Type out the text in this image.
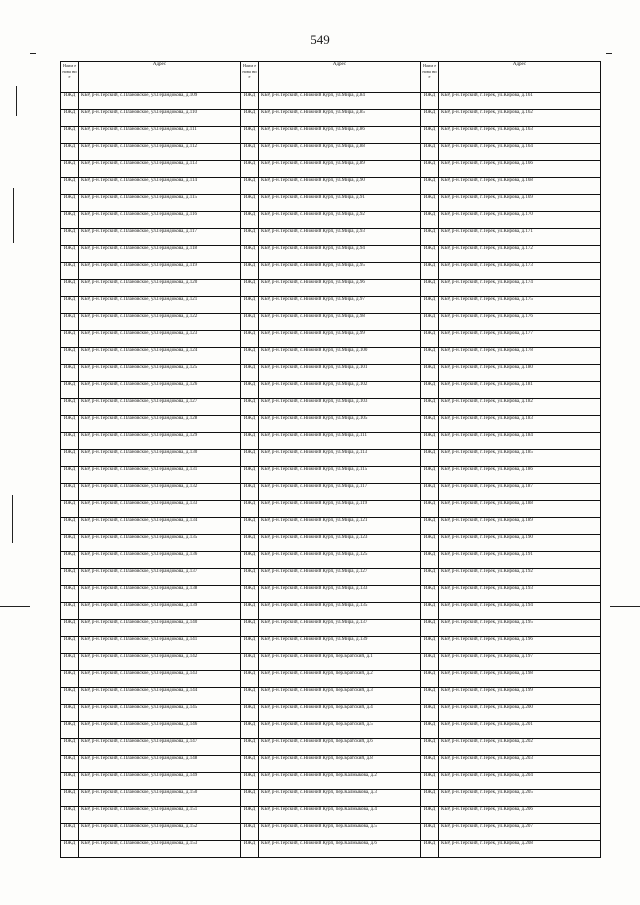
549
Наим енова ние	Адрес	Наим енова ние	Адрес	Наим енова ние	Адрес
ИЖД	КБР, р-н.Терский, с.Плановское, ул.Герандокова, д.109	ИЖД	КБР, р-н.Терский, с.Нижний Курп, ул.Мира, д.84	ИЖД	КБР, р-н.Терский, г.Терек, ул.Кирова, д.161
ИЖД	КБР, р-н.Терский, с.Плановское, ул.Герандокова, д.110	ИЖД	КБР, р-н.Терский, с.Нижний Курп, ул.Мира, д.85	ИЖД	КБР, р-н.Терский, г.Терек, ул.Кирова, д.162
ИЖД	КБР, р-н.Терский, с.Плановское, ул.Герандокова, д.111	ИЖД	КБР, р-н.Терский, с.Нижний Курп, ул.Мира, д.86	ИЖД	КБР, р-н.Терский, г.Терек, ул.Кирова, д.163
ИЖД	КБР, р-н.Терский, с.Плановское, ул.Герандокова, д.112	ИЖД	КБР, р-н.Терский, с.Нижний Курп, ул.Мира, д.88	ИЖД	КБР, р-н.Терский, г.Терек, ул.Кирова, д.164
ИЖД	КБР, р-н.Терский, с.Плановское, ул.Герандокова, д.113	ИЖД	КБР, р-н.Терский, с.Нижний Курп, ул.Мира, д.89	ИЖД	КБР, р-н.Терский, г.Терек, ул.Кирова, д.166
ИЖД	КБР, р-н.Терский, с.Плановское, ул.Герандокова, д.114	ИЖД	КБР, р-н.Терский, с.Нижний Курп, ул.Мира, д.90	ИЖД	КБР, р-н.Терский, г.Терек, ул.Кирова, д.168
ИЖД	КБР, р-н.Терский, с.Плановское, ул.Герандокова, д.115	ИЖД	КБР, р-н.Терский, с.Нижний Курп, ул.Мира, д.91	ИЖД	КБР, р-н.Терский, г.Терек, ул.Кирова, д.169
ИЖД	КБР, р-н.Терский, с.Плановское, ул.Герандокова, д.116	ИЖД	КБР, р-н.Терский, с.Нижний Курп, ул.Мира, д.92	ИЖД	КБР, р-н.Терский, г.Терек, ул.Кирова, д.170
ИЖД	КБР, р-н.Терский, с.Плановское, ул.Герандокова, д.117	ИЖД	КБР, р-н.Терский, с.Нижний Курп, ул.Мира, д.93	ИЖД	КБР, р-н.Терский, г.Терек, ул.Кирова, д.171
ИЖД	КБР, р-н.Терский, с.Плановское, ул.Герандокова, д.118	ИЖД	КБР, р-н.Терский, с.Нижний Курп, ул.Мира, д.94	ИЖД	КБР, р-н.Терский, г.Терек, ул.Кирова, д.172
ИЖД	КБР, р-н.Терский, с.Плановское, ул.Герандокова, д.119	ИЖД	КБР, р-н.Терский, с.Нижний Курп, ул.Мира, д.95	ИЖД	КБР, р-н.Терский, г.Терек, ул.Кирова, д.173
ИЖД	КБР, р-н.Терский, с.Плановское, ул.Герандокова, д.120	ИЖД	КБР, р-н.Терский, с.Нижний Курп, ул.Мира, д.96	ИЖД	КБР, р-н.Терский, г.Терек, ул.Кирова, д.174
ИЖД	КБР, р-н.Терский, с.Плановское, ул.Герандокова, д.121	ИЖД	КБР, р-н.Терский, с.Нижний Курп, ул.Мира, д.97	ИЖД	КБР, р-н.Терский, г.Терек, ул.Кирова, д.175
ИЖД	КБР, р-н.Терский, с.Плановское, ул.Герандокова, д.122	ИЖД	КБР, р-н.Терский, с.Нижний Курп, ул.Мира, д.98	ИЖД	КБР, р-н.Терский, г.Терек, ул.Кирова, д.176
ИЖД	КБР, р-н.Терский, с.Плановское, ул.Герандокова, д.123	ИЖД	КБР, р-н.Терский, с.Нижний Курп, ул.Мира, д.99	ИЖД	КБР, р-н.Терский, г.Терек, ул.Кирова, д.177
ИЖД	КБР, р-н.Терский, с.Плановское, ул.Герандокова, д.124	ИЖД	КБР, р-н.Терский, с.Нижний Курп, ул.Мира, д.100	ИЖД	КБР, р-н.Терский, г.Терек, ул.Кирова, д.178
ИЖД	КБР, р-н.Терский, с.Плановское, ул.Герандокова, д.125	ИЖД	КБР, р-н.Терский, с.Нижний Курп, ул.Мира, д.101	ИЖД	КБР, р-н.Терский, г.Терек, ул.Кирова, д.180
ИЖД	КБР, р-н.Терский, с.Плановское, ул.Герандокова, д.126	ИЖД	КБР, р-н.Терский, с.Нижний Курп, ул.Мира, д.102	ИЖД	КБР, р-н.Терский, г.Терек, ул.Кирова, д.181
ИЖД	КБР, р-н.Терский, с.Плановское, ул.Герандокова, д.127	ИЖД	КБР, р-н.Терский, с.Нижний Курп, ул.Мира, д.103	ИЖД	КБР, р-н.Терский, г.Терек, ул.Кирова, д.182
ИЖД	КБР, р-н.Терский, с.Плановское, ул.Герандокова, д.128	ИЖД	КБР, р-н.Терский, с.Нижний Курп, ул.Мира, д.105	ИЖД	КБР, р-н.Терский, г.Терек, ул.Кирова, д.183
ИЖД	КБР, р-н.Терский, с.Плановское, ул.Герандокова, д.129	ИЖД	КБР, р-н.Терский, с.Нижний Курп, ул.Мира, д.111	ИЖД	КБР, р-н.Терский, г.Терек, ул.Кирова, д.184
ИЖД	КБР, р-н.Терский, с.Плановское, ул.Герандокова, д.130	ИЖД	КБР, р-н.Терский, с.Нижний Курп, ул.Мира, д.113	ИЖД	КБР, р-н.Терский, г.Терек, ул.Кирова, д.185
ИЖД	КБР, р-н.Терский, с.Плановское, ул.Герандокова, д.131	ИЖД	КБР, р-н.Терский, с.Нижний Курп, ул.Мира, д.115	ИЖД	КБР, р-н.Терский, г.Терек, ул.Кирова, д.186
ИЖД	КБР, р-н.Терский, с.Плановское, ул.Герандокова, д.132	ИЖД	КБР, р-н.Терский, с.Нижний Курп, ул.Мира, д.117	ИЖД	КБР, р-н.Терский, г.Терек, ул.Кирова, д.187
ИЖД	КБР, р-н.Терский, с.Плановское, ул.Герандокова, д.133	ИЖД	КБР, р-н.Терский, с.Нижний Курп, ул.Мира, д.119	ИЖД	КБР, р-н.Терский, г.Терек, ул.Кирова, д.188
ИЖД	КБР, р-н.Терский, с.Плановское, ул.Герандокова, д.134	ИЖД	КБР, р-н.Терский, с.Нижний Курп, ул.Мира, д.121	ИЖД	КБР, р-н.Терский, г.Терек, ул.Кирова, д.189
ИЖД	КБР, р-н.Терский, с.Плановское, ул.Герандокова, д.135	ИЖД	КБР, р-н.Терский, с.Нижний Курп, ул.Мира, д.123	ИЖД	КБР, р-н.Терский, г.Терек, ул.Кирова, д.190
ИЖД	КБР, р-н.Терский, с.Плановское, ул.Герандокова, д.136	ИЖД	КБР, р-н.Терский, с.Нижний Курп, ул.Мира, д.125	ИЖД	КБР, р-н.Терский, г.Терек, ул.Кирова, д.191
ИЖД	КБР, р-н.Терский, с.Плановское, ул.Герандокова, д.137	ИЖД	КБР, р-н.Терский, с.Нижний Курп, ул.Мира, д.127	ИЖД	КБР, р-н.Терский, г.Терек, ул.Кирова, д.192
ИЖД	КБР, р-н.Терский, с.Плановское, ул.Герандокова, д.138	ИЖД	КБР, р-н.Терский, с.Нижний Курп, ул.Мира, д.133	ИЖД	КБР, р-н.Терский, г.Терек, ул.Кирова, д.193
ИЖД	КБР, р-н.Терский, с.Плановское, ул.Герандокова, д.139	ИЖД	КБР, р-н.Терский, с.Нижний Курп, ул.Мира, д.135	ИЖД	КБР, р-н.Терский, г.Терек, ул.Кирова, д.194
ИЖД	КБР, р-н.Терский, с.Плановское, ул.Герандокова, д.140	ИЖД	КБР, р-н.Терский, с.Нижний Курп, ул.Мира, д.137	ИЖД	КБР, р-н.Терский, г.Терек, ул.Кирова, д.195
ИЖД	КБР, р-н.Терский, с.Плановское, ул.Герандокова, д.141	ИЖД	КБР, р-н.Терский, с.Нижний Курп, ул.Мира, д.139	ИЖД	КБР, р-н.Терский, г.Терек, ул.Кирова, д.196
ИЖД	КБР, р-н.Терский, с.Плановское, ул.Герандокова, д.142	ИЖД	КБР, р-н.Терский, с.Нижний Курп, пер.Братский, д.1	ИЖД	КБР, р-н.Терский, г.Терек, ул.Кирова, д.197
ИЖД	КБР, р-н.Терский, с.Плановское, ул.Герандокова, д.143	ИЖД	КБР, р-н.Терский, с.Нижний Курп, пер.Братский, д.2	ИЖД	КБР, р-н.Терский, г.Терек, ул.Кирова, д.198
ИЖД	КБР, р-н.Терский, с.Плановское, ул.Герандокова, д.144	ИЖД	КБР, р-н.Терский, с.Нижний Курп, пер.Братский, д.3	ИЖД	КБР, р-н.Терский, г.Терек, ул.Кирова, д.199
ИЖД	КБР, р-н.Терский, с.Плановское, ул.Герандокова, д.145	ИЖД	КБР, р-н.Терский, с.Нижний Курп, пер.Братский, д.4	ИЖД	КБР, р-н.Терский, г.Терек, ул.Кирова, д.200
ИЖД	КБР, р-н.Терский, с.Плановское, ул.Герандокова, д.146	ИЖД	КБР, р-н.Терский, с.Нижний Курп, пер.Братский, д.5	ИЖД	КБР, р-н.Терский, г.Терек, ул.Кирова, д.201
ИЖД	КБР, р-н.Терский, с.Плановское, ул.Герандокова, д.147	ИЖД	КБР, р-н.Терский, с.Нижний Курп, пер.Братский, д.6	ИЖД	КБР, р-н.Терский, г.Терек, ул.Кирова, д.202
ИЖД	КБР, р-н.Терский, с.Плановское, ул.Герандокова, д.148	ИЖД	КБР, р-н.Терский, с.Нижний Курп, пер.Братский, д.8	ИЖД	КБР, р-н.Терский, г.Терек, ул.Кирова, д.203
ИЖД	КБР, р-н.Терский, с.Плановское, ул.Герандокова, д.149	ИЖД	КБР, р-н.Терский, с.Нижний Курп, пер.Калмыкова, д.2	ИЖД	КБР, р-н.Терский, г.Терек, ул.Кирова, д.204
ИЖД	КБР, р-н.Терский, с.Плановское, ул.Герандокова, д.150	ИЖД	КБР, р-н.Терский, с.Нижний Курп, пер.Калмыкова, д.3	ИЖД	КБР, р-н.Терский, г.Терек, ул.Кирова, д.205
ИЖД	КБР, р-н.Терский, с.Плановское, ул.Герандокова, д.151	ИЖД	КБР, р-н.Терский, с.Нижний Курп, пер.Калмыкова, д.4	ИЖД	КБР, р-н.Терский, г.Терек, ул.Кирова, д.206
ИЖД	КБР, р-н.Терский, с.Плановское, ул.Герандокова, д.152	ИЖД	КБР, р-н.Терский, с.Нижний Курп, пер.Калмыкова, д.5	ИЖД	КБР, р-н.Терский, г.Терек, ул.Кирова, д.207
ИЖД	КБР, р-н.Терский, с.Плановское, ул.Герандокова, д.153	ИЖД	КБР, р-н.Терский, с.Нижний Курп, пер.Калмыкова, д.6	ИЖД	КБР, р-н.Терский, г.Терек, ул.Кирова, д.208
